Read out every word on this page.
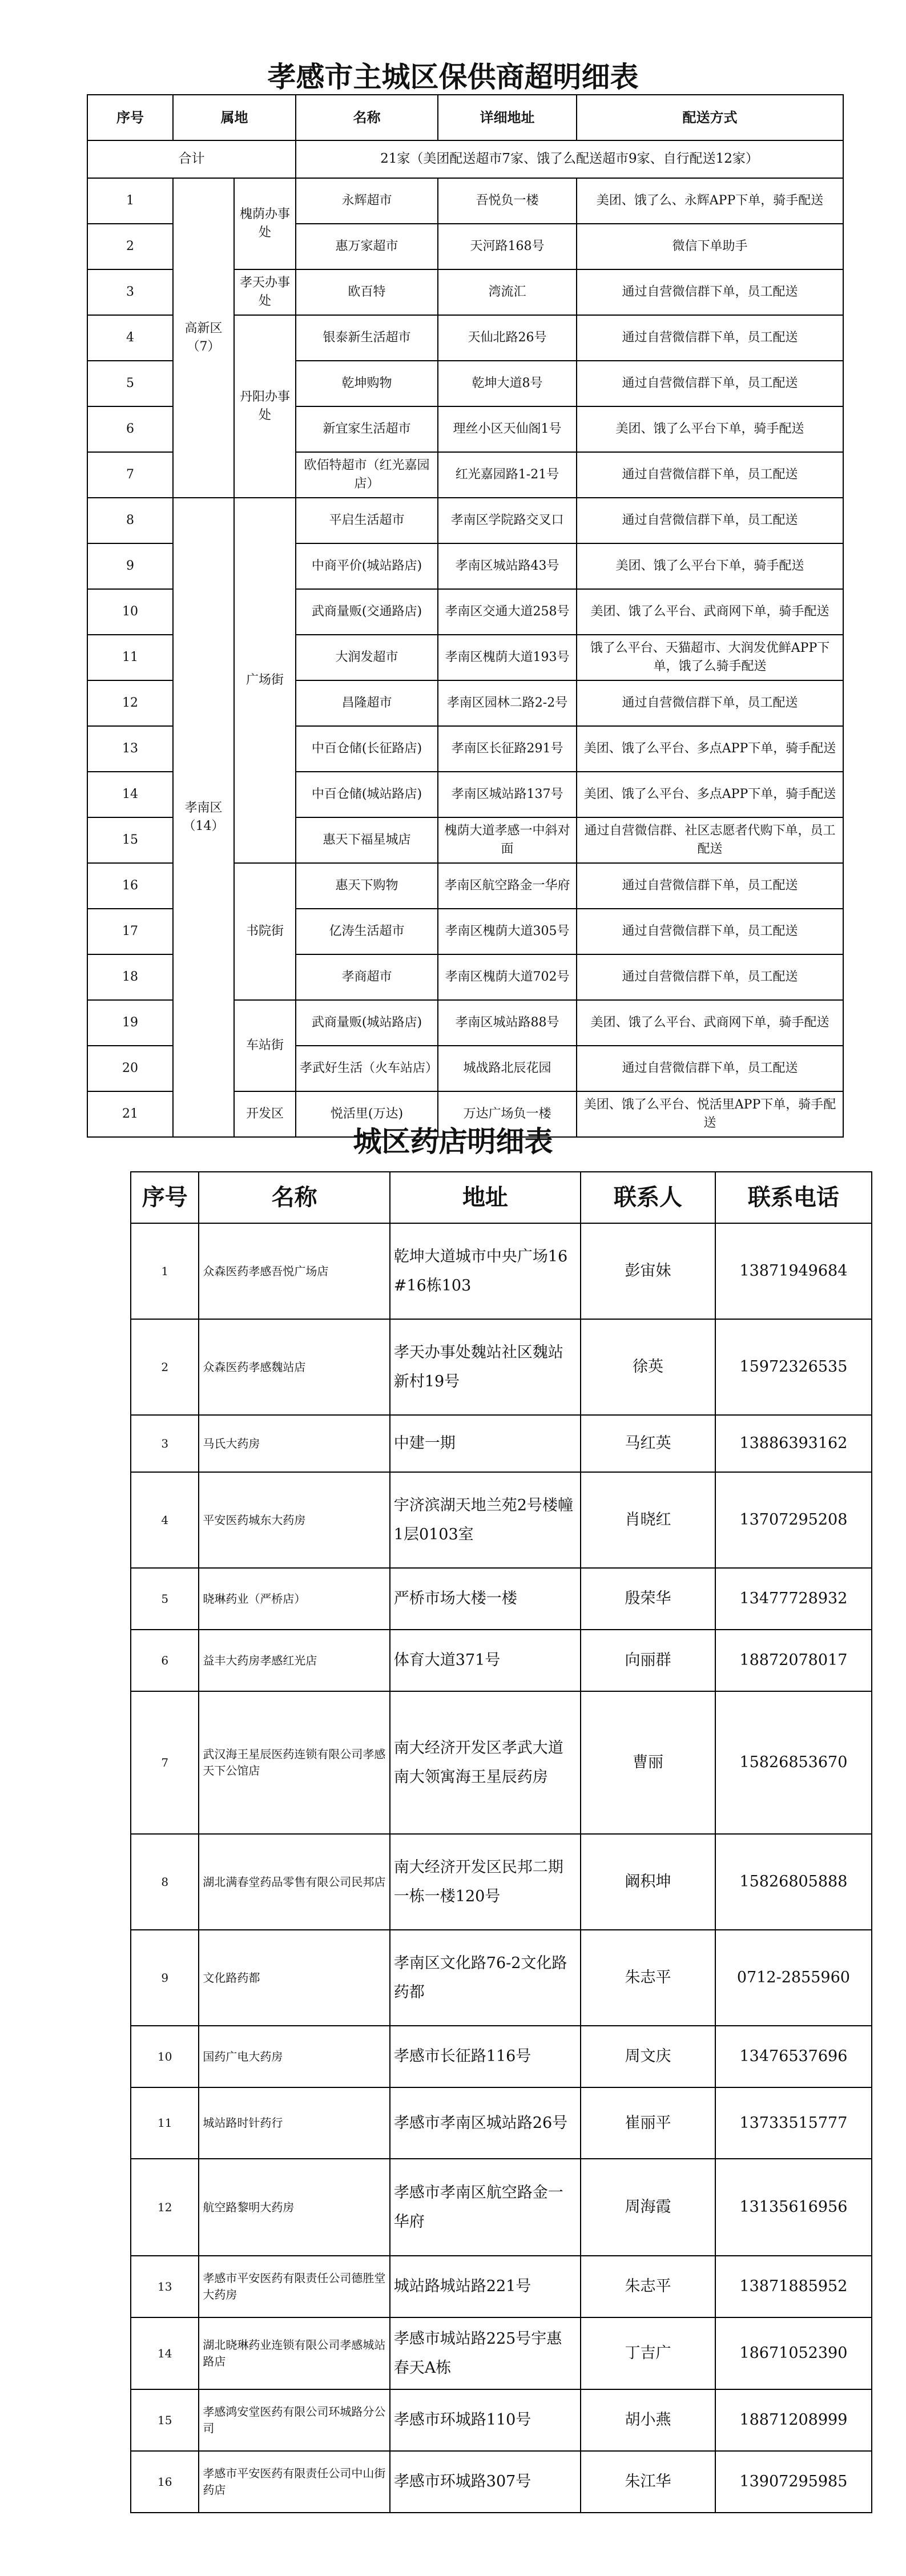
孝感市主城区保供商超明细表
序号	属地		名称	详细地址	配送方式
合计			21家（美团配送超市7家、饿了么配送超市9家、自行配送12家）		
1	高新区（7）	槐荫办事处	永辉超市	吾悦负一楼	美团、饿了么、永辉APP下单，骑手配送
2			惠万家超市	天河路168号	微信下单助手
3		孝天办事处	欧百特	湾流汇	通过自营微信群下单，员工配送
4		丹阳办事处	银泰新生活超市	天仙北路26号	通过自营微信群下单，员工配送
5			乾坤购物	乾坤大道8号	通过自营微信群下单，员工配送
6			新宜家生活超市	理丝小区天仙阁1号	美团、饿了么平台下单，骑手配送
7			欧佰特超市（红光嘉园店）	红光嘉园路1-21号	通过自营微信群下单，员工配送
8	孝南区（14）	广场街	平启生活超市	孝南区学院路交叉口	通过自营微信群下单，员工配送
9			中商平价(城站路店)	孝南区城站路43号	美团、饿了么平台下单，骑手配送
10			武商量贩(交通路店)	孝南区交通大道258号	美团、饿了么平台、武商网下单，骑手配送
11			大润发超市	孝南区槐荫大道193号	饿了么平台、天猫超市、大润发优鲜APP下单，饿了么骑手配送
12			昌隆超市	孝南区园林二路2-2号	通过自营微信群下单，员工配送
13			中百仓储(长征路店)	孝南区长征路291号	美团、饿了么平台、多点APP下单，骑手配送
14			中百仓储(城站路店)	孝南区城站路137号	美团、饿了么平台、多点APP下单，骑手配送
15			惠天下福星城店	槐荫大道孝感一中斜对面	通过自营微信群、社区志愿者代购下单，员工配送
16		书院街	惠天下购物	孝南区航空路金一华府	通过自营微信群下单，员工配送
17			亿涛生活超市	孝南区槐荫大道305号	通过自营微信群下单，员工配送
18			孝商超市	孝南区槐荫大道702号	通过自营微信群下单，员工配送
19		车站街	武商量贩(城站路店)	孝南区城站路88号	美团、饿了么平台、武商网下单，骑手配送
20			孝武好生活（火车站店）	城战路北辰花园	通过自营微信群下单，员工配送
21		开发区	悦活里(万达)	万达广场负一楼	美团、饿了么平台、悦活里APP下单，骑手配送
城区药店明细表
序号	名称	地址	联系人	联系电话
1	众森医药孝感吾悦广场店	乾坤大道城市中央广场16#16栋103	彭宙妹	13871949684
2	众森医药孝感魏站店	孝天办事处魏站社区魏站新村19号	徐英	15972326535
3	马氏大药房	中建一期	马红英	13886393162
4	平安医药城东大药房	宇济滨湖天地兰苑2号楼幢1层0103室	肖晓红	13707295208
5	晓琳药业（严桥店）	严桥市场大楼一楼	殷荣华	13477728932
6	益丰大药房孝感红光店	体育大道371号	向丽群	18872078017
7	武汉海王星辰医药连锁有限公司孝感天下公馆店	南大经济开发区孝武大道南大领寓海王星辰药房	曹丽	15826853670
8	湖北满春堂药品零售有限公司民邦店	南大经济开发区民邦二期一栋一楼120号	阚积坤	15826805888
9	文化路药都	孝南区文化路76-2文化路药都	朱志平	0712-2855960
10	国药广电大药房	孝感市长征路116号	周文庆	13476537696
11	城站路时针药行	孝感市孝南区城站路26号	崔丽平	13733515777
12	航空路黎明大药房	孝感市孝南区航空路金一华府	周海霞	13135616956
13	孝感市平安医药有限责任公司德胜堂大药房	城站路城站路221号	朱志平	13871885952
14	湖北晓琳药业连锁有限公司孝感城站路店	孝感市城站路225号宇惠春天A栋	丁吉广	18671052390
15	孝感鸿安堂医药有限公司环城路分公司	孝感市环城路110号	胡小燕	18871208999
16	孝感市平安医药有限责任公司中山街药店	孝感市环城路307号	朱江华	13907295985
